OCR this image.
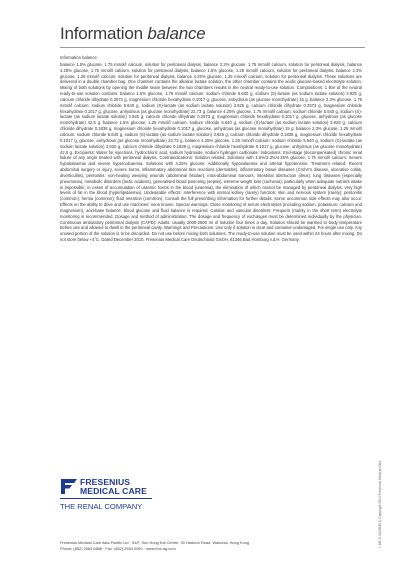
Information balance
Information balance

balance 1.5% glucose, 1.75 mmol/l calcium, solution for peritoneal dialysis, balance 2.3% glucose, 1.75 mmol/l calcium, solution for peritoneal dialysis, balance 4.25% glucose, 1.75 mmol/l calcium, solution for peritoneal dialysis, balance 1.5% glucose, 1.25 mmol/l calcium, solution for peritoneal dialysis, balance 2.3% glucose, 1.25 mmol/l calcium, solution for peritoneal dialysis, balance 4.25% glucose, 1.25 mmol/l calcium, solution for peritoneal dialysis. These solutions are delivered in a double chamber bag. One chamber contains the alkaline lactate solution, the other chamber contains the acidic glucose-based electrolyte solution. Mixing of both solutions by opening the middle seam between the two chambers results in the neutral ready-to-use solution. Compositions: 1 litre of the neutral ready-to-use solution contains: balance 1.5% glucose, 1.75 mmol/l calcium: sodium chloride 5.640 g, sodium (S)-lactate (as sodium lactate solution) 3.925 g, calcium chloride dihydrate 0.2573 g, magnesium chloride hexahydrate 0.1017 g, glucose, anhydrous (as glucose monohydrate) 15 g. balance 2.3% glucose, 1.75 mmol/l calcium: sodium chloride 5.640 g, sodium (S)-lactate (as sodium lactate solution) 3.925 g, calcium chloride dihydrate 0.2573 g, magnesium chloride hexahydrate 0.1017 g, glucose, anhydrous (as glucose monohydrate) 22.73 g. balance 4.25% glucose, 1.75 mmol/l calcium: sodium chloride 5.640 g, sodium (S)-lactate (as sodium lactate solution) 3.925 g, calcium chloride dihydrate 0.2573 g, magnesium chloride hexahydrate 0.1017 g, glucose, anhydrous (as glucose monohydrate) 42.5 g. balance 1.5% glucose, 1.25 mmol/l calcium: sodium chloride 5.640 g, sodium (S)-lactate (as sodium lactate solution) 3.925 g, calcium chloride dihydrate 0.1838 g, magnesium chloride hexahydrate 0.1017 g, glucose, anhydrous (as glucose monohydrate) 15 g. balance 2.3% glucose, 1.25 mmol/l calcium: sodium chloride 5.640 g, sodium (S)-lactate (as sodium lactate solution) 3.925 g, calcium chloride dihydrate 0.1838 g, magnesium chloride hexahydrate 0.1017 g, glucose, anhydrous (as glucose monohydrate) 22.73 g. balance 4.25% glucose, 1.25 mmol/l calcium: sodium chloride 5.640 g, sodium (S)-lactate (as sodium lactate solution) 3.925 g, calcium chloride dihydrate 0.1838 g, magnesium chloride hexahydrate 0.1017 g, glucose, anhydrous (as glucose monohydrate) 42.5 g. Excipients: Water for injections, hydrochloric acid, sodium hydroxide, sodium hydrogen carbonate. Indications: End-stage (decompensated) chronic renal failure of any origin treated with peritoneal dialysis. Contraindications: Solution related: Solutions with 1.5%/2.3%/4.25% glucose, 1.75 mmol/l calcium: Severe hypokalaemia and severe hypercalcaemia. Solutions with 4.25% glucose: Additionally hypovolaemia and arterial hypotension. Treatment related: Recent abdominal surgery or injury, severe burns, inflammatory abdominal skin reactions (dermatitis), inflammatory bowel diseases (Crohn's disease, ulcerative colitis, diverticulitis), peritonitis, non-healing weeping wounds (abdominal fistulae), intra-abdominal tumours, intestinal obstruction (ileus), lung diseases (especially pneumonia), metabolic disorders (lactic acidosis), generalised blood poisoning (sepsis), extreme weight loss (cachexia), particularly when adequate nutrient intake is impossible, in cases of accumulation of uraemic toxins in the blood (uraemia), the elimination of which cannot be managed by peritoneal dialysis, very high levels of fat in the blood (hyperlipidaemia). Undesirable effects: Interference with normal kidney (rarely) function; skin and nervous system (rarely); peritonitis (common); hernia (common); fluid retention (common). Consult the full prescribing information for further details. Some uncommon side effects may also occur. Effects on the ability to drive and use machines: none known. Special warnings: Close monitoring of serum electrolytes (including sodium, potassium, calcium and magnesium), acid-base balance, blood glucose and fluid balance is required. Cardiac and vascular disorders: Frequent (mainly in the short term) electrolyte monitoring is recommended. Dosage and method of administration: The dosage and frequency of exchanges must be determined individually by the physician. Continuous ambulatory peritoneal dialysis (CAPD): Adults: usually 2000-2500 ml of solution four times a day. Solution should be warmed to body temperature before use and allowed to dwell in the peritoneal cavity. Warnings and Precautions: Use only if solution is clear and container undamaged. For single use only. Any unused portion of the solution is to be discarded. Do not use before mixing both solutions. The ready-to-use solution must be used within 24 hours after mixing. Do not store below +4°C. Dated December 2010. Fresenius Medical Care Deutschland GmbH, 61346 Bad Homburg v.d.H. Germany.

1 ME 5.15(VIBIE/1) Copyright 2014 Fresenius Medical Care
FRESENIUS
MEDICAL CARE
THE RENAL COMPANY
Fresenius Medical Care Asia Pacific Ltd · 51/F, Sun Hung Kai Centre, 30 Harbour Road, Wanchai, Hong Kong
Phone: (852) 2583 0888 · Fax: (852) 2583 0050 · www.fmc-ag.com
